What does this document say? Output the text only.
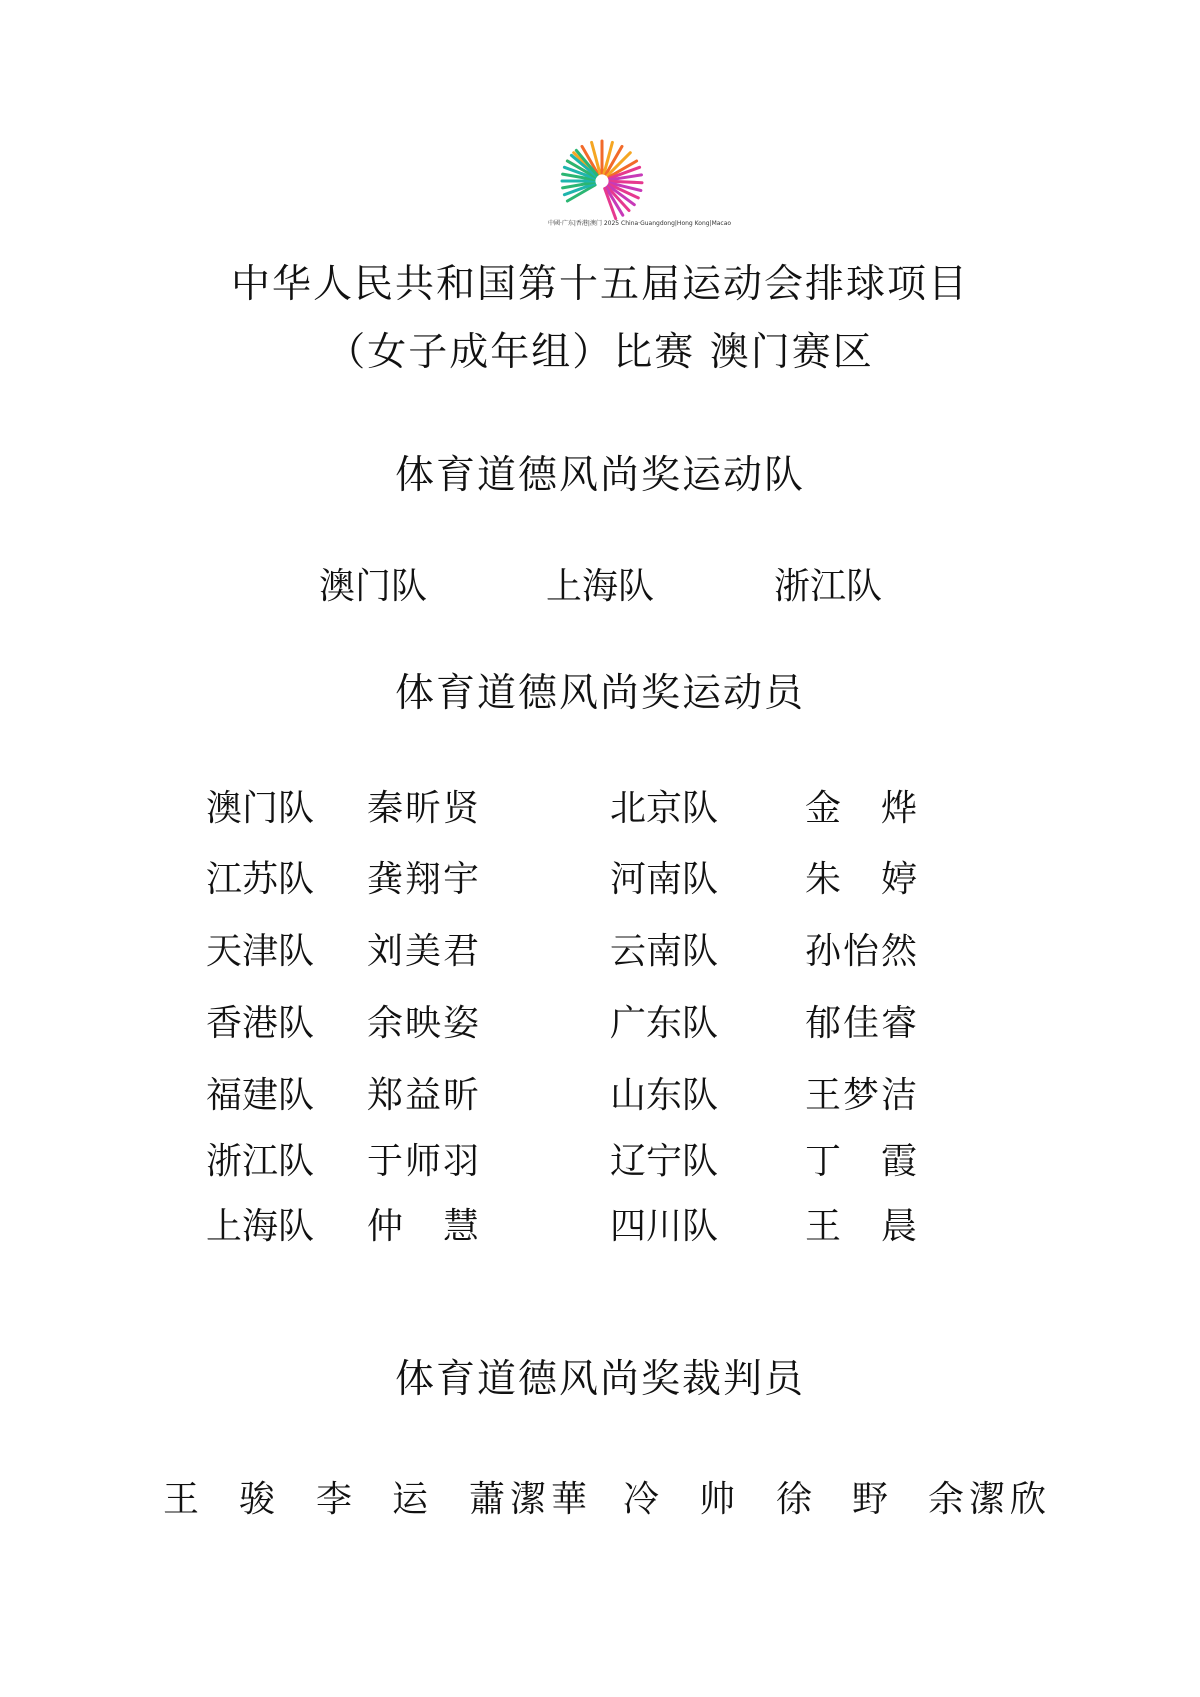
中國·广东|香港|澳门 2025 China·Guangdong|Hong Kong|Macao
中华人民共和国第十五届运动会排球项目
（女子成年组）比赛 澳门赛区
体育道德风尚奖运动队
澳门队	上海队	浙江队
体育道德风尚奖运动员
澳门队	秦昕贤	北京队	金 烨
江苏队	龚翔宇	河南队	朱 婷
天津队	刘美君	云南队	孙怡然
香港队	余映姿	广东队	郁佳睿
福建队	郑益昕	山东队	王梦洁
浙江队	于师羽	辽宁队	丁 霞
上海队	仲 慧	四川队	王 晨
体育道德风尚奖裁判员
王 骏 李 运 蕭潔華 冷 帅 徐 野 余潔欣
